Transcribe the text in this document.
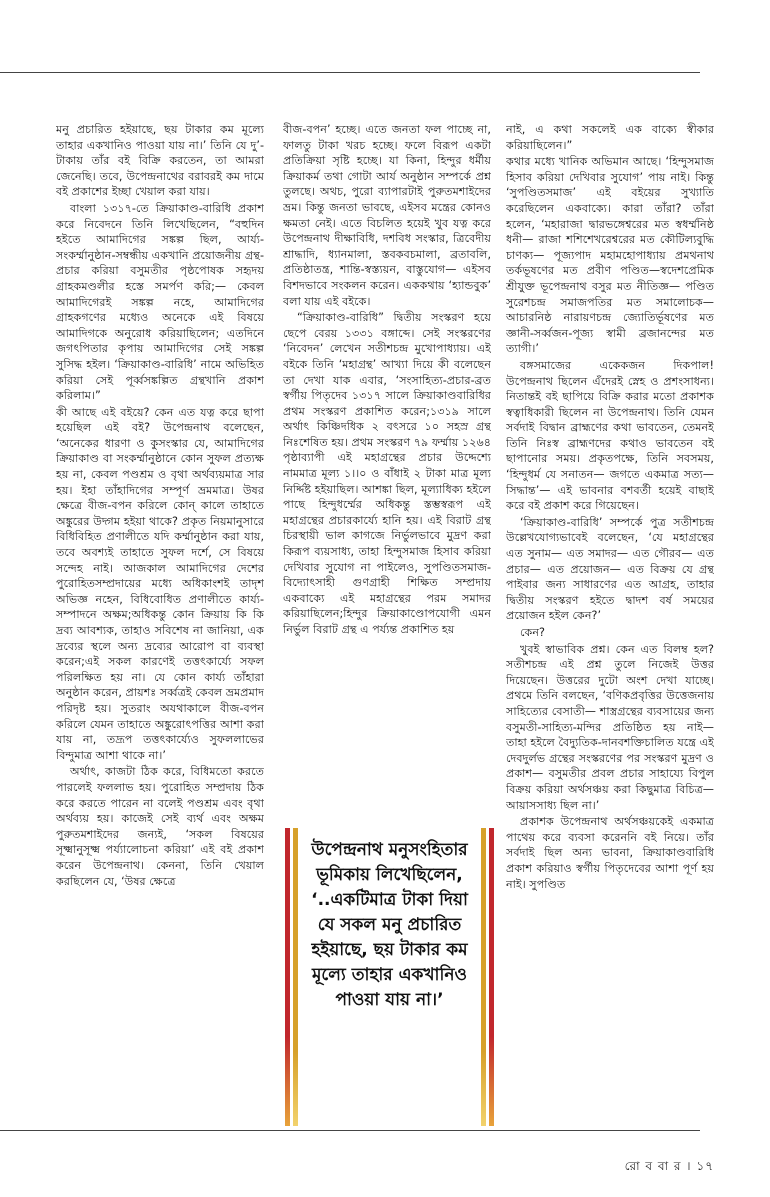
মনু প্রচারিত হইয়াছে, ছয় টাকার কম মূল্যে তাহার একখানিও পাওয়া যায় না।’ তিনি যে দু’-টাকায় তাঁর বই বিক্রি করতেন, তা আমরা জেনেছি। তবে, উপেন্দ্রনাথের বরাবরই কম দামে বই প্রকাশের ইচ্ছা খেয়াল করা যায়।

বাংলা ১৩১৭-তে ক্রিয়াকাণ্ড-বারিধি প্রকাশ করে নিবেদনে তিনি লিখেছিলেন, “বহুদিন হইতে আমাদিগের সঙ্কল্প ছিল, আর্য্য-সংকর্ম্মানুষ্ঠান-সম্বন্ধীয় একখানি প্রয়োজনীয় গ্রন্থ-প্রচার করিয়া বসুমতীর পৃষ্ঠপোষক সহৃদয় গ্রাহকমণ্ডলীর হস্তে সমর্পণ করি;— কেবল আমাদিগেরই সঙ্কল্প নহে, আমাদিগের গ্রাহকগণের মধ্যেও অনেকে এই বিষয়ে আমাদিগকে অনুরোধ করিয়াছিলেন; এতদিনে জগৎপিতার কৃপায় আমাদিগের সেই সঙ্কল্প সুসিদ্ধ হইল। ‘ক্রিয়াকাণ্ড-বারিধি’ নামে অভিহিত করিয়া সেই পূর্ব্বসঙ্কল্পিত গ্রন্থখানি প্রকাশ করিলাম।”

কী আছে এই বইয়ে? কেন এত যত্ন করে ছাপা হয়েছিল এই বই? উপেন্দ্রনাথ বলেছেন, ‘অনেকের ধারণা ও কুসংস্কার যে, আমাদিগের ক্রিয়াকাণ্ড বা সংকর্ম্মানুষ্ঠানে কোন সুফল প্রত্যক্ষ হয় না, কেবল পণ্ডশ্রম ও বৃথা অর্থব্যয়মাত্র সার হয়। ইহা তাঁহাদিগের সম্পূর্ণ ভ্রমমাত্র। উষর ক্ষেত্রে বীজ-বপন করিলে কোন্ কালে তাহাতে অঙ্কুরের উদ্গম হইয়া থাকে? প্রকৃত নিয়মানুসারে বিধিবিহিত প্রণালীতে যদি কর্ম্মানুষ্ঠান করা যায়, তবে অবশ্যই তাহাতে সুফল দর্শে, সে বিষয়ে সন্দেহ নাই। আজকাল আমাদিগের দেশের পুরোহিতসম্প্রদায়ের মধ্যে অধিকাংশই তাদৃশ অভিজ্ঞ নহেন, বিধিবোধিত প্রণালীতে কার্য্য-সম্পাদনে অক্ষম;অধিকন্তু কোন ক্রিয়ায় কি কি দ্রব্য আবশ্যক, তাহাও সবিশেষ না জানিয়া, এক দ্রব্যের স্থলে অন্য দ্রব্যের আরোপ বা ব্যবস্থা করেন;এই সকল কারণেই তত্তৎকার্য্যে সফল পরিলক্ষিত হয় না। যে কোন কার্য্য তাঁহারা অনুষ্ঠান করেন, প্রায়শঃ সর্ব্বত্রই কেবল ভ্রমপ্রমাদ পরিদৃষ্ট হয়। সুতরাং অযথাকালে বীজ-বপন করিলে যেমন তাহাতে অঙ্কুরোৎপত্তির আশা করা যায় না, তদ্রূপ তত্তৎকার্য্যেও সুফললাভের বিন্দুমাত্র আশা থাকে না।’

অর্থাৎ, কাজটা ঠিক করে, বিধিমতো করতে পারলেই ফললাভ হয়। পুরোহিত সম্প্রদায় ঠিক করে করতে পারেন না বলেই পণ্ডশ্রম এবং বৃথা অর্থব্যয় হয়। কাজেই সেই ব্যর্থ এবং অক্ষম পুরুতমশাইদের জন্যই, ‘সকল বিষয়ের সূক্ষ্মানুসূক্ষ্ম পর্য্যালোচনা করিয়া’ এই বই প্রকাশ করেন উপেন্দ্রনাথ। কেননা, তিনি খেয়াল করছিলেন যে, ‘উষর ক্ষেত্রে

বীজ-বপন’ হচ্ছে। এতে জনতা ফল পাচ্ছে না, ফালতু টাকা খরচ হচ্ছে। ফলে বিরূপ একটা প্রতিক্রিয়া সৃষ্টি হচ্ছে। যা কিনা, হিন্দুর ধর্মীয় ক্রিয়াকর্ম তথা গোটা আর্য অনুষ্ঠান সম্পর্কে প্রশ্ন তুলছে। অথচ, পুরো ব্যাপারটাই পুরুতমশাইদের ভ্রম। কিন্তু জনতা ভাবছে, এইসব মন্ত্রের কোনও ক্ষমতা নেই। এতে বিচলিত হয়েই খুব যত্ন করে উপেন্দ্রনাথ দীক্ষাবিধি, দশবিধ সংস্কার, ত্রিবেদীয় শ্রাদ্ধাদি, ধ্যানমালা, স্তবকবচমালা, ব্রতাবলি, প্রতিষ্ঠাতন্ত্র, শান্তি-স্বস্ত্যয়ন, বাস্তুযোগ— এইসব বিশদভাবে সংকলন করেন। এককথায় ‘হ্যান্ডবুক’ বলা যায় এই বইকে।

“ক্রিয়াকাণ্ড-বারিধি” দ্বিতীয় সংস্করণ হয়ে ছেপে বেরয় ১৩৩১ বঙ্গাব্দে। সেই সংস্করণের ‘নিবেদন’ লেখেন সতীশচন্দ্র মুখোপাধ্যায়। এই বইকে তিনি ‘মহাগ্রন্থ’ আখ্যা দিয়ে কী বলেছেন তা দেখা যাক এবার, ‘সংসাহিত্য-প্রচার-ব্রত স্বর্গীয় পিতৃদেব ১৩১৭ সালে ক্রিয়াকাণ্ডবারিধির প্রথম সংস্করণ প্রকাশিত করেন;১৩১৯ সালে অর্থাৎ কিঞ্চিদধিক ২ বৎসরে ১০ সহস্র গ্রন্থ নিঃশেষিত হয়। প্রথম সংস্করণ ৭৯ ফর্ম্মায় ১২৬৪ পৃষ্ঠাব্যাপী এই মহাগ্রন্থের প্রচার উদ্দেশ্যে নামমাত্র মূল্য ১।।০ ও বাঁধাই ২ টাকা মাত্র মূল্য নির্দ্দিষ্ট হইয়াছিল। আশঙ্কা ছিল, মূল্যাধিক্য হইলে পাছে হিন্দুধর্ম্মের অধিকন্তু স্তম্ভস্বরূপ এই মহাগ্রন্থের প্রচারকার্য্যে হানি হয়। এই বিরাট গ্রন্থ চিরস্থায়ী ভাল কাগজে নির্ভুলভাবে মুদ্রণ করা কিরূপ ব্যয়সাধ্য, তাহা হিন্দুসমাজ হিসাব করিয়া দেখিবার সুযোগ না পাইলেও, সুপণ্ডিতসমাজ-বিদ্যোৎসাহী গুণগ্রাহী শিক্ষিত সম্প্রদায় একবাক্যে এই মহাগ্রন্থের পরম সমাদর করিয়াছিলেন;হিন্দুর ক্রিয়াকাণ্ডোপযোগী এমন নির্ভুল বিরাট গ্রন্থ এ পর্য্যন্ত প্রকাশিত হয়

নাই, এ কথা সকলেই এক বাক্যে স্বীকার করিয়াছিলেন।”

কথার মধ্যে খানিক অভিমান আছে। ‘হিন্দুসমাজ হিসাব করিয়া দেখিবার সুযোগ’ পায় নাই। কিন্তু ‘সুপণ্ডিতসমাজ’ এই বইয়ের সুখ্যাতি করেছিলেন একবাক্যে। কারা তাঁরা? তাঁরা হলেন, ‘মহারাজা দ্বারভঙ্গেশ্বরের মত স্বধর্ম্মনিষ্ঠ ধনী— রাজা শশিশেখরেশ্বরের মত কৌটিল্যবুদ্ধি চাণক্য— পূজ্যপাদ মহামহোপাধ্যায় প্রমথনাথ তর্কভূষণের মত প্রবীণ পণ্ডিত—স্বদেশপ্রেমিক শ্রীযুক্ত ভূপেন্দ্রনাথ বসুর মত নীতিজ্ঞ— পণ্ডিত সুরেশচন্দ্র সমাজপতির মত সমালোচক— আচারনিষ্ঠ নারায়ণচন্দ্র জ্যোতির্ভূষণের মত জ্ঞানী-সর্ব্বজন-পূজ্য স্বামী ব্রজানন্দের মত ত্যাগী।’

বঙ্গসমাজের একেকজন দিকপাল! উপেন্দ্রনাথ ছিলেন এঁদেরই স্নেহ ও প্রশংসাধন্য। নিতান্তই বই ছাপিয়ে বিক্রি করার মতো প্রকাশক স্বত্বাধিকারী ছিলেন না উপেন্দ্রনাথ। তিনি যেমন সর্বদাই বিদ্বান ব্রাহ্মণের কথা ভাবতেন, তেমনই তিনি নিঃস্ব ব্রাহ্মণদের কথাও ভাবতেন বই ছাপানোর সময়। প্রকৃতপক্ষে, তিনি সবসময়, ‘হিন্দুধর্ম যে সনাতন— জগতে একমাত্র সত্য— সিদ্ধান্ত’— এই ভাবনার বশবর্তী হয়েই বাছাই করে বই প্রকাশ করে গিয়েছেন।

‘ক্রিয়াকাণ্ড-বারিধি’ সম্পর্কে পুত্র সতীশচন্দ্র উল্লেখযোগ্যভাবেই বলেছেন, ‘যে মহাগ্রন্থের এত সুনাম— এত সমাদর— এত গৌরব— এত প্রচার— এত প্রয়োজন— এত বিক্রয় যে গ্রন্থ পাইবার জন্য সাধারণের এত আগ্রহ, তাহার দ্বিতীয় সংস্করণ হইতে দ্বাদশ বর্ষ সময়ের প্রয়োজন হইল কেন?’

কেন?

খুবই স্বাভাবিক প্রশ্ন। কেন এত বিলম্ব হল? সতীশচন্দ্র এই প্রশ্ন তুলে নিজেই উত্তর দিয়েছেন। উত্তরের দুটো অংশ দেখা যাচ্ছে। প্রথমে তিনি বলছেন, ‘বণিকপ্রবৃত্তির উত্তেজনায় সাহিত্যের বেসাতী— শাস্ত্রগ্রন্থের ব্যবসায়ের জন্য বসুমতী-সাহিত্য-মন্দির প্রতিষ্ঠিত হয় নাই— তাহা হইলে বৈদ্যুতিক-দানবশক্তিচালিত যন্ত্রে এই দেবদুর্লভ গ্রন্থের সংস্করণের পর সংস্করণ মুদ্রণ ও প্রকাশ— বসুমতীর প্রবল প্রচার সাহায্যে বিপুল বিক্রয় করিয়া অর্থসঞ্চয় করা কিছুমাত্র বিচিত্র— আয়াসসাধ্য ছিল না।’

প্রকাশক উপেন্দ্রনাথ অর্থসঞ্চয়কেই একমাত্র পাথেয় করে ব্যবসা করেননি বই নিয়ে। তাঁর সর্বদাই ছিল অন্য ভাবনা, ক্রিয়াকাণ্ডবারিধি প্রকাশ করিয়াও স্বর্গীয় পিতৃদেবের আশা পূর্ণ হয় নাই। সুপণ্ডিত

উপেন্দ্রনাথ মনুসংহিতার ভূমিকায় লিখেছিলেন, ‘..একটিমাত্র টাকা দিয়া যে সকল মনু প্রচারিত হইয়াছে, ছয় টাকার কম মূল্যে তাহার একখানিও পাওয়া যায় না।’
রো ব বা র । ১৭
